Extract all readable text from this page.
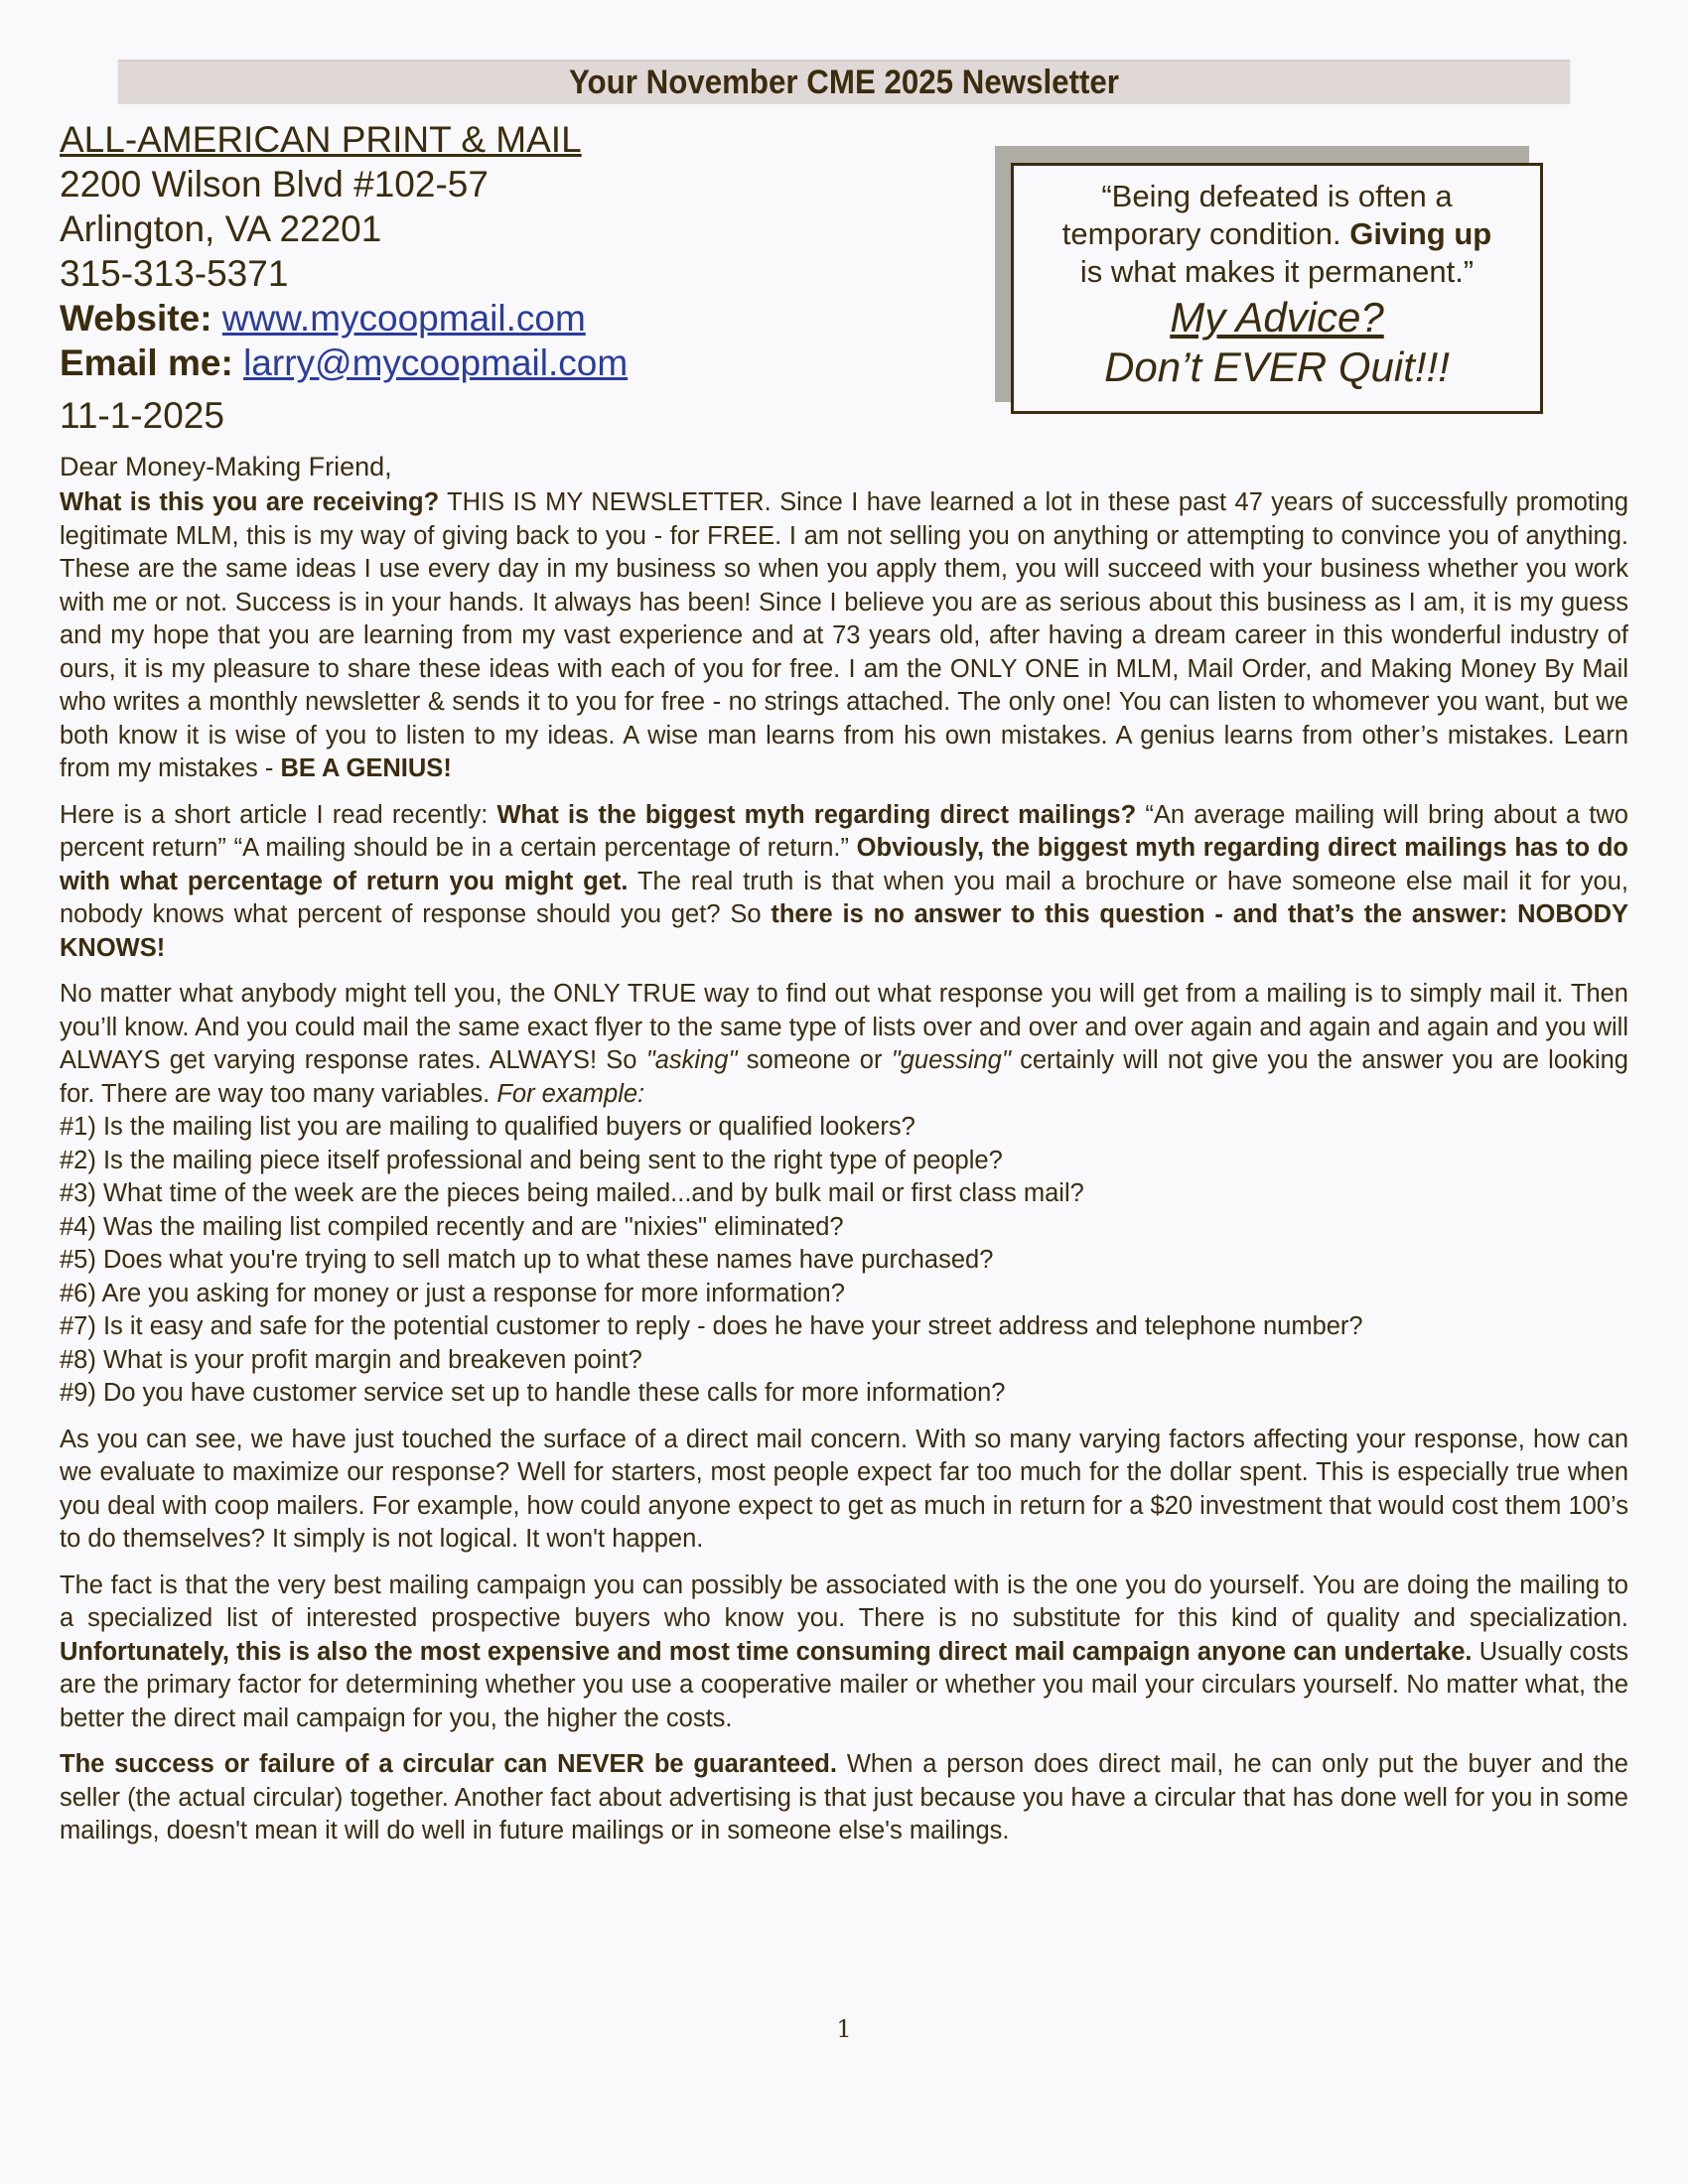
Your November CME 2025 Newsletter
ALL-AMERICAN PRINT & MAIL
2200 Wilson Blvd #102-57
Arlington, VA 22201
315-313-5371
Website: www.mycoopmail.com
Email me: larry@mycoopmail.com
11-1-2025
“Being defeated is often a
temporary condition. Giving up
is what makes it permanent.”
My Advice?
Don’t EVER Quit!!!
Dear Money-Making Friend,

What is this you are receiving? THIS IS MY NEWSLETTER. Since I have learned a lot in these past 47 years of successfully promoting legitimate MLM, this is my way of giving back to you - for FREE. I am not selling you on anything or attempting to convince you of anything. These are the same ideas I use every day in my business so when you apply them, you will succeed with your business whether you work with me or not. Success is in your hands. It always has been! Since I believe you are as serious about this business as I am, it is my guess and my hope that you are learning from my vast experience and at 73 years old, after having a dream career in this wonderful industry of ours, it is my pleasure to share these ideas with each of you for free. I am the ONLY ONE in MLM, Mail Order, and Making Money By Mail who writes a monthly newsletter & sends it to you for free - no strings attached. The only one! You can listen to whomever you want, but we both know it is wise of you to listen to my ideas. A wise man learns from his own mistakes. A genius learns from other’s mistakes. Learn from my mistakes - BE A GENIUS!

Here is a short article I read recently: What is the biggest myth regarding direct mailings? “An average mailing will bring about a two percent return” “A mailing should be in a certain percentage of return.” Obviously, the biggest myth regarding direct mailings has to do with what percentage of return you might get. The real truth is that when you mail a brochure or have someone else mail it for you, nobody knows what percent of response should you get? So there is no answer to this question - and that’s the answer: NOBODY KNOWS!

No matter what anybody might tell you, the ONLY TRUE way to find out what response you will get from a mailing is to simply mail it. Then you’ll know. And you could mail the same exact flyer to the same type of lists over and over and over again and again and again and you will ALWAYS get varying response rates. ALWAYS! So "asking" someone or "guessing" certainly will not give you the answer you are looking for. There are way too many variables. For example:

#1) Is the mailing list you are mailing to qualified buyers or qualified lookers?
#2) Is the mailing piece itself professional and being sent to the right type of people?
#3) What time of the week are the pieces being mailed...and by bulk mail or first class mail?
#4) Was the mailing list compiled recently and are "nixies" eliminated?
#5) Does what you're trying to sell match up to what these names have purchased?
#6) Are you asking for money or just a response for more information?
#7) Is it easy and safe for the potential customer to reply - does he have your street address and telephone number?
#8) What is your profit margin and breakeven point?
#9) Do you have customer service set up to handle these calls for more information?

As you can see, we have just touched the surface of a direct mail concern. With so many varying factors affecting your response, how can we evaluate to maximize our response? Well for starters, most people expect far too much for the dollar spent. This is especially true when you deal with coop mailers. For example, how could anyone expect to get as much in return for a $20 investment that would cost them 100’s to do themselves? It simply is not logical. It won't happen.

The fact is that the very best mailing campaign you can possibly be associated with is the one you do yourself. You are doing the mailing to a specialized list of interested prospective buyers who know you. There is no substitute for this kind of quality and specialization. Unfortunately, this is also the most expensive and most time consuming direct mail campaign anyone can undertake. Usually costs are the primary factor for determining whether you use a cooperative mailer or whether you mail your circulars yourself. No matter what, the better the direct mail campaign for you, the higher the costs.

The success or failure of a circular can NEVER be guaranteed. When a person does direct mail, he can only put the buyer and the seller (the actual circular) together. Another fact about advertising is that just because you have a circular that has done well for you in some mailings, doesn't mean it will do well in future mailings or in someone else's mailings.

1
